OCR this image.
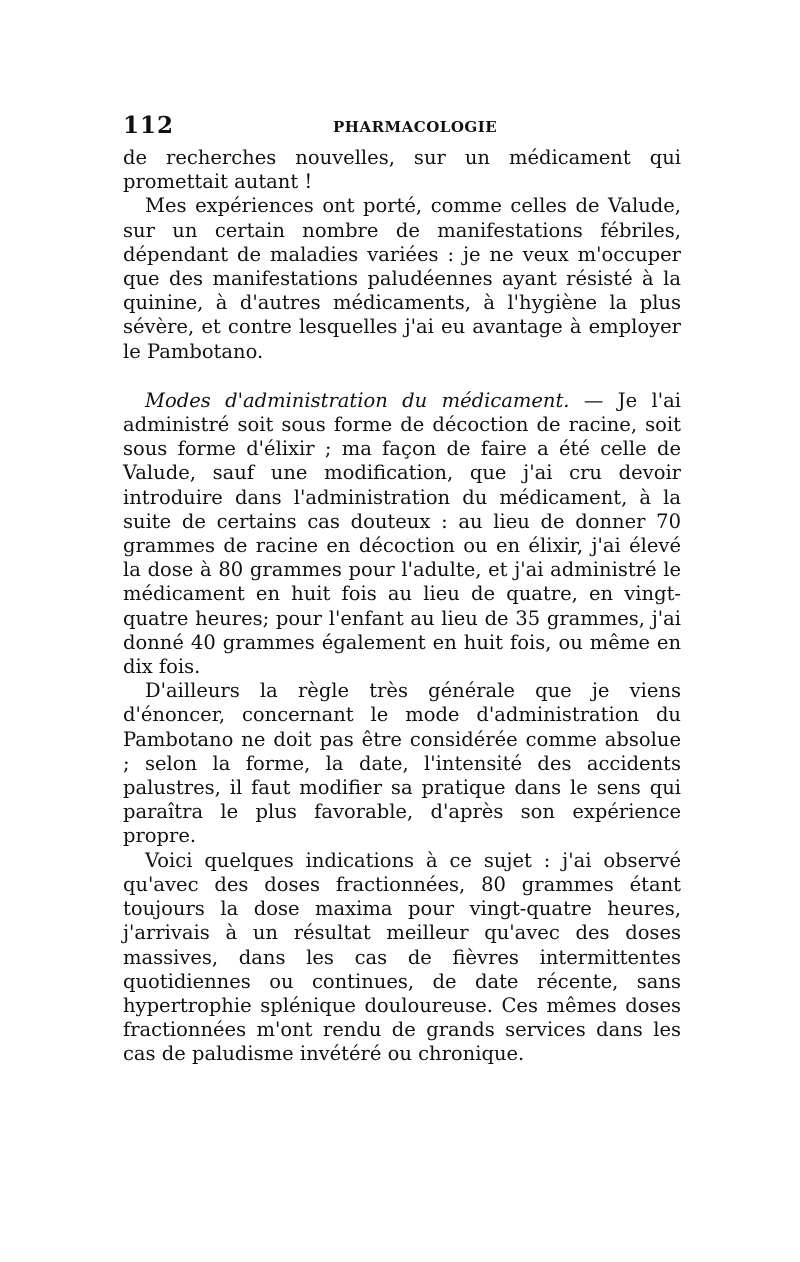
112	PHARMACOLOGIE

de recherches nouvelles, sur un médicament qui promettait autant !

Mes expériences ont porté, comme celles de Valude, sur un certain nombre de manifestations fébriles, dépendant de maladies variées : je ne veux m'occuper que des manifestations paludéennes ayant résisté à la quinine, à d'autres médicaments, à l'hygiène la plus sévère, et contre lesquelles j'ai eu avantage à employer le Pambotano.

Modes d'administration du médicament. — Je l'ai administré soit sous forme de décoction de racine, soit sous forme d'élixir ; ma façon de faire a été celle de Valude, sauf une modification, que j'ai cru devoir introduire dans l'administration du médicament, à la suite de certains cas douteux : au lieu de donner 70 grammes de racine en décoction ou en élixir, j'ai élevé la dose à 80 grammes pour l'adulte, et j'ai administré le médicament en huit fois au lieu de quatre, en vingt-quatre heures; pour l'enfant au lieu de 35 grammes, j'ai donné 40 grammes également en huit fois, ou même en dix fois.

D'ailleurs la règle très générale que je viens d'énoncer, concernant le mode d'administration du Pambotano ne doit pas être considérée comme absolue ; selon la forme, la date, l'intensité des accidents palustres, il faut modifier sa pratique dans le sens qui paraîtra le plus favorable, d'après son expérience propre.

Voici quelques indications à ce sujet : j'ai observé qu'avec des doses fractionnées, 80 grammes étant toujours la dose maxima pour vingt-quatre heures, j'arrivais à un résultat meilleur qu'avec des doses massives, dans les cas de fièvres intermittentes quotidiennes ou continues, de date récente, sans hypertrophie splénique douloureuse. Ces mêmes doses fractionnées m'ont rendu de grands services dans les cas de paludisme invétéré ou chronique.
